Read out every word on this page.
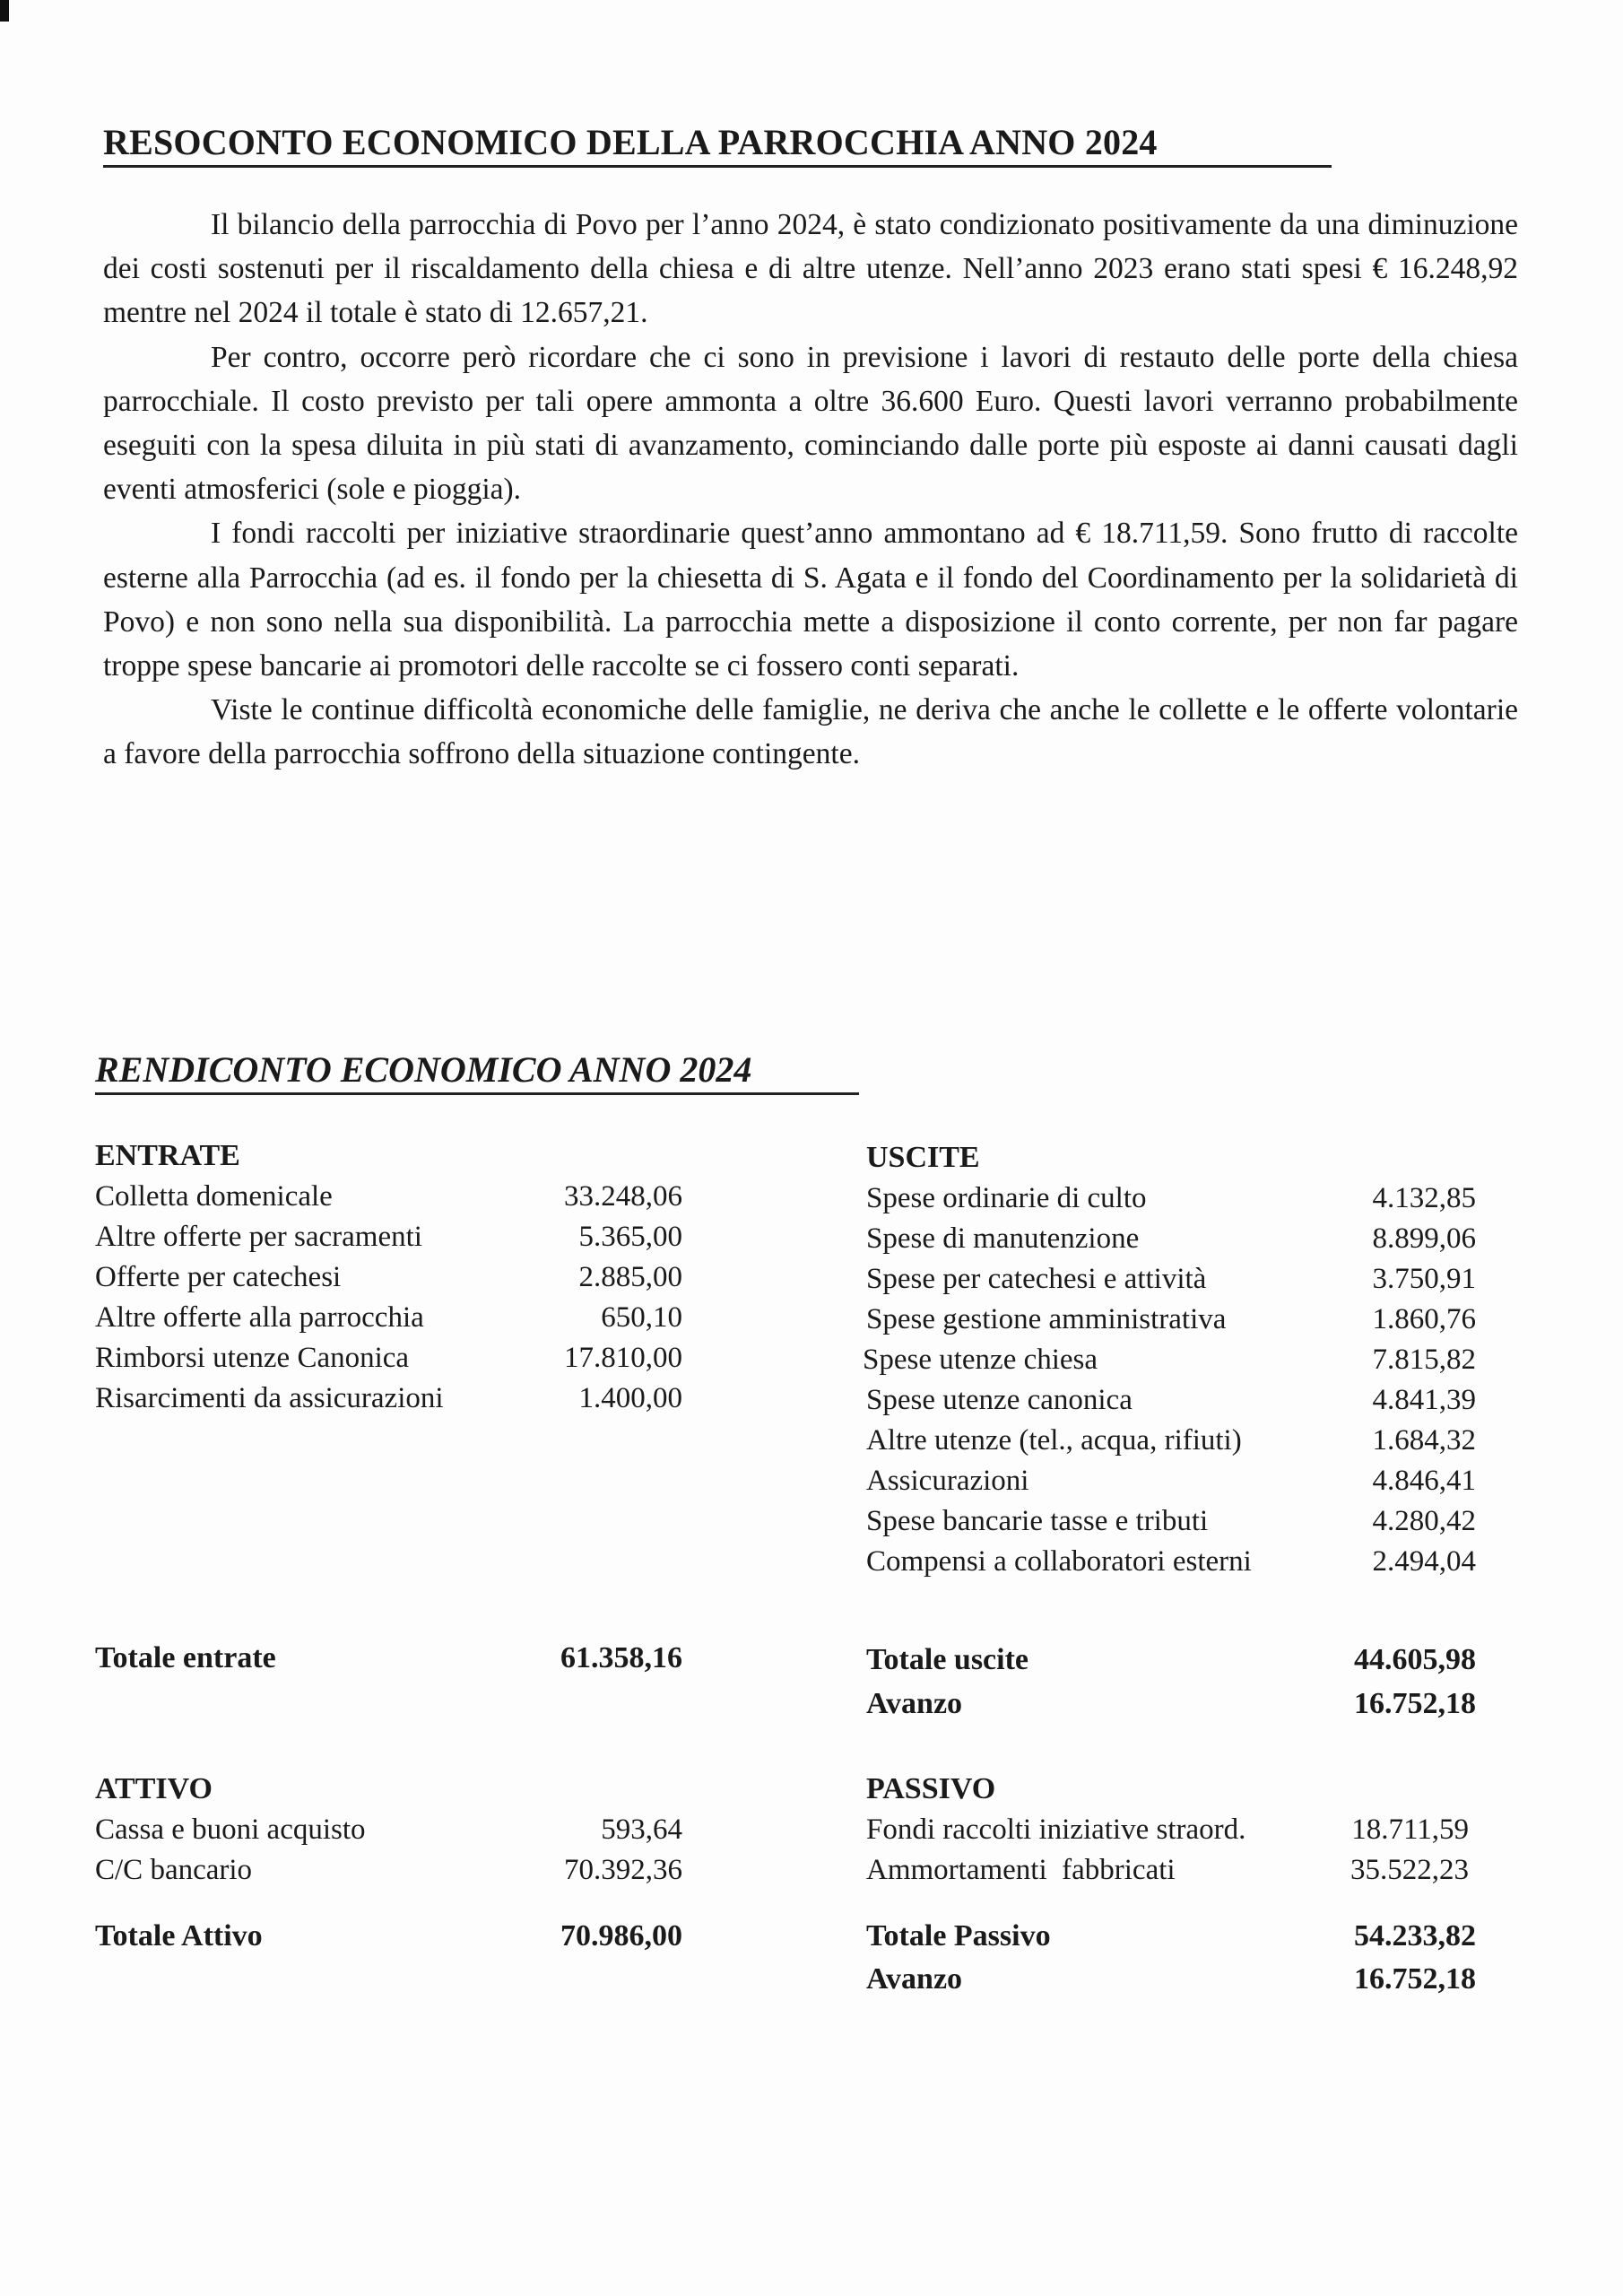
RESOCONTO ECONOMICO DELLA PARROCCHIA ANNO 2024

Il bilancio della parrocchia di Povo per l’anno 2024, è stato condizionato positivamente da una diminuzione dei costi sostenuti per il riscaldamento della chiesa e di altre utenze. Nell’anno 2023 erano stati spesi € 16.248,92 mentre nel 2024 il totale è stato di 12.657,21.

Per contro, occorre però ricordare che ci sono in previsione i lavori di restauto delle porte della chiesa parrocchiale. Il costo previsto per tali opere ammonta a oltre 36.600 Euro. Questi lavori verranno probabilmente eseguiti con la spesa diluita in più stati di avanzamento, cominciando dalle porte più esposte ai danni causati dagli eventi atmosferici (sole e pioggia).

I fondi raccolti per iniziative straordinarie quest’anno ammontano ad € 18.711,59. Sono frutto di raccolte esterne alla Parrocchia (ad es. il fondo per la chiesetta di S. Agata e il fondo del Coordinamento per la solidarietà di Povo) e non sono nella sua disponibilità. La parrocchia mette a disposizione il conto corrente, per non far pagare troppe spese bancarie ai promotori delle raccolte se ci fossero conti separati.

Viste le continue difficoltà economiche delle famiglie, ne deriva che anche le collette e le offerte volontarie a favore della parrocchia soffrono della situazione contingente.

RENDICONTO ECONOMICO ANNO 2024
ENTRATE
Colletta domenicale	33.248,06
Altre offerte per sacramenti	5.365,00
Offerte per catechesi	2.885,00
Altre offerte alla parrocchia	650,10
Rimborsi utenze Canonica	17.810,00
Risarcimenti da assicurazioni	1.400,00
Totale entrate	61.358,16
USCITE
Spese ordinarie di culto	4.132,85
Spese di manutenzione	8.899,06
Spese per catechesi e attività	3.750,91
Spese gestione amministrativa	1.860,76
Spese utenze chiesa	7.815,82
Spese utenze canonica	4.841,39
Altre utenze (tel., acqua, rifiuti)	1.684,32
Assicurazioni	4.846,41
Spese bancarie tasse e tributi	4.280,42
Compensi a collaboratori esterni	2.494,04
Totale uscite	44.605,98
Avanzo	16.752,18
ATTIVO
Cassa e buoni acquisto	593,64
C/C bancario	70.392,36
Totale Attivo	70.986,00
PASSIVO
Fondi raccolti iniziative straord.	18.711,59
Ammortamenti  fabbricati	35.522,23
Totale Passivo	54.233,82
Avanzo	16.752,18
